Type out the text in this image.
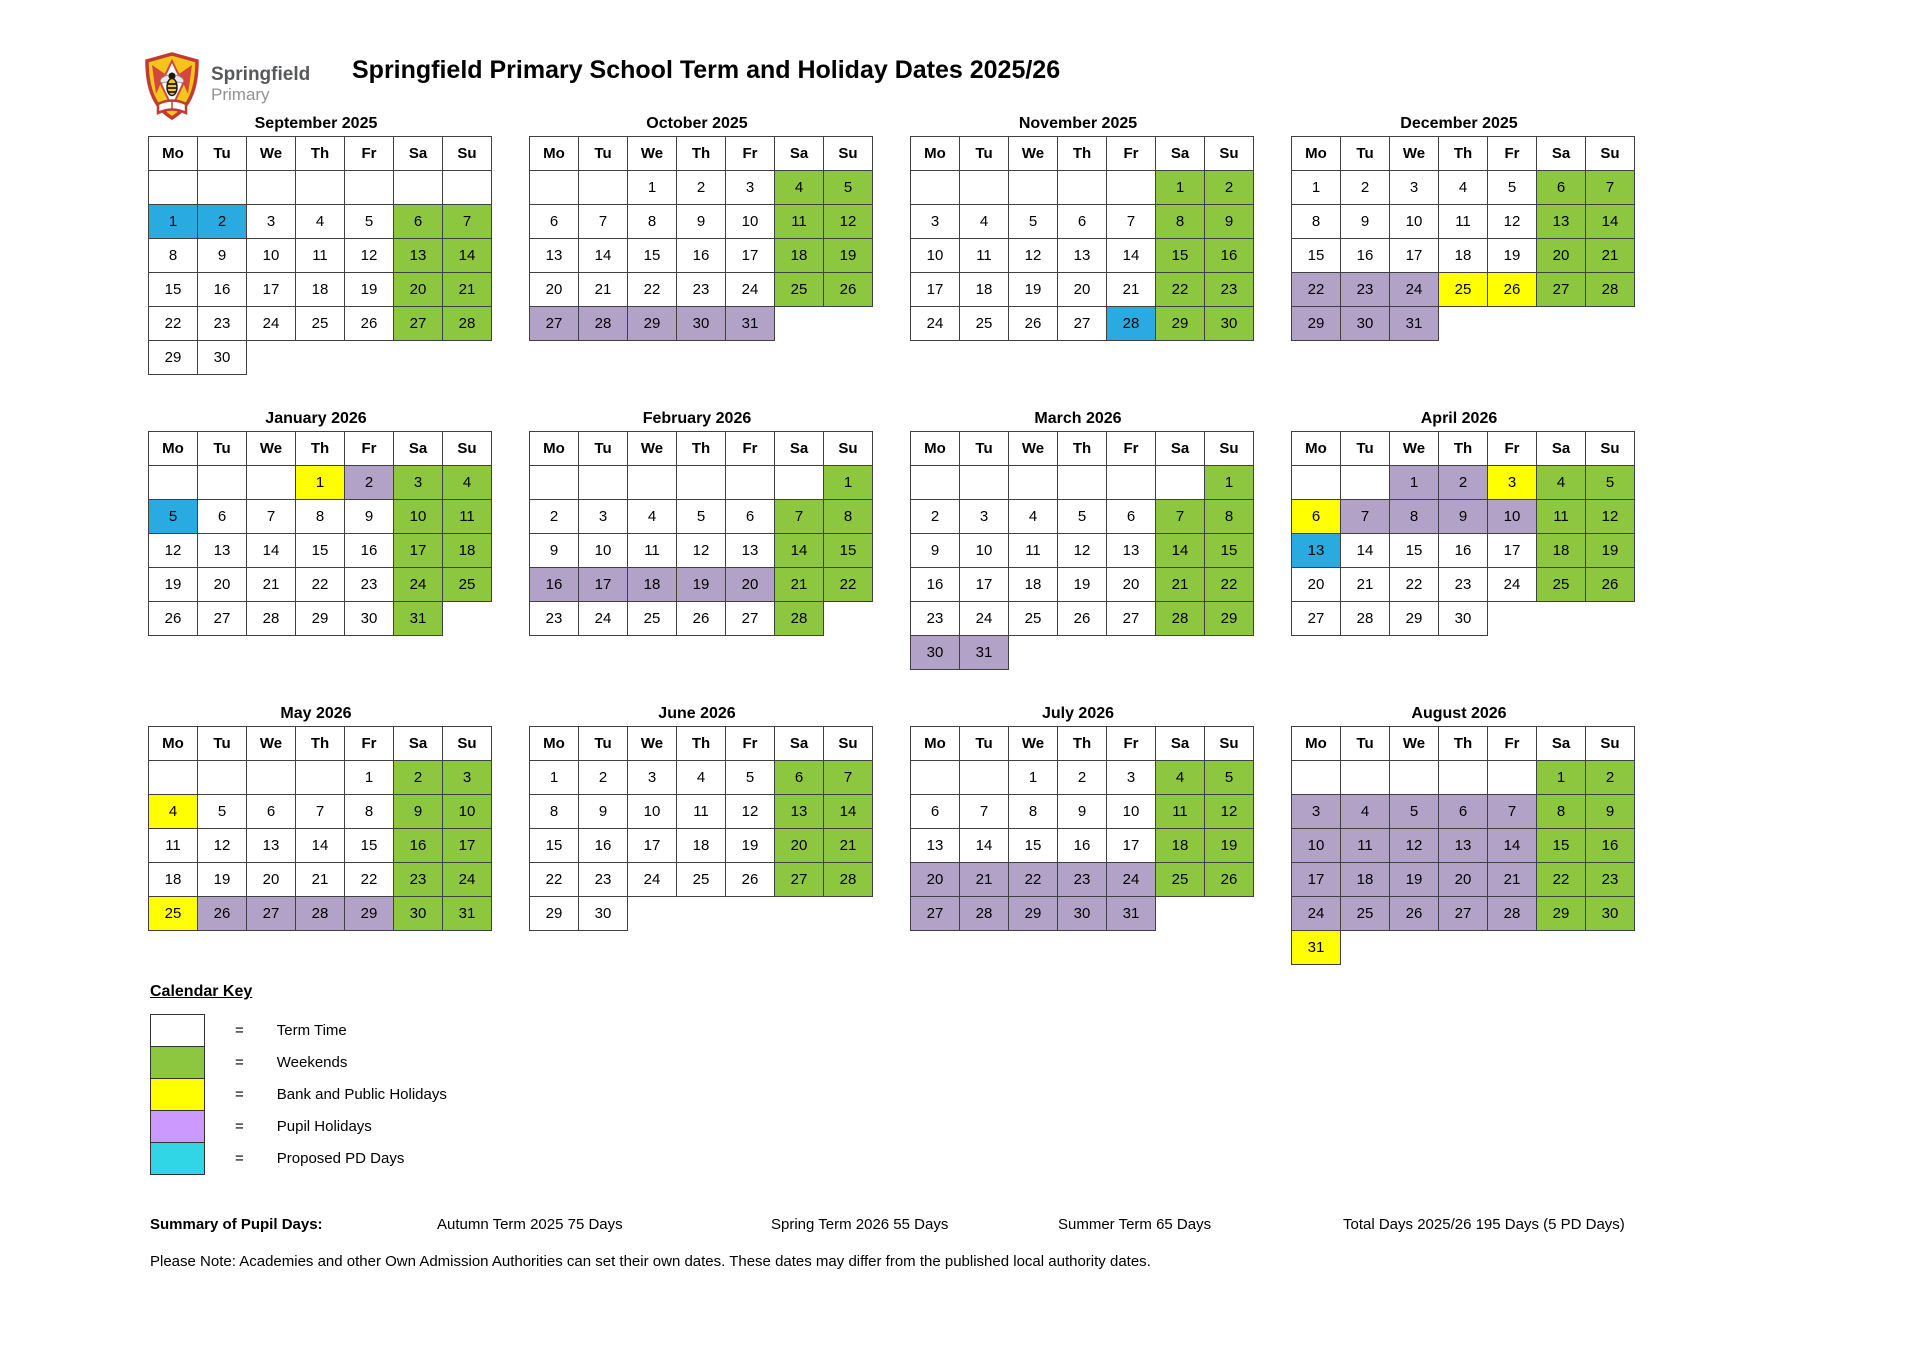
Springfield
Primary
Springfield Primary School Term and Holiday Dates 2025/26
September 2025
Mo	Tu	We	Th	Fr	Sa	Su

1	2	3	4	5	6	7
8	9	10	11	12	13	14
15	16	17	18	19	20	21
22	23	24	25	26	27	28
29	30					
October 2025
Mo	Tu	We	Th	Fr	Sa	Su
		1	2	3	4	5
6	7	8	9	10	11	12
13	14	15	16	17	18	19
20	21	22	23	24	25	26
27	28	29	30	31		
November 2025
Mo	Tu	We	Th	Fr	Sa	Su
					1	2
3	4	5	6	7	8	9
10	11	12	13	14	15	16
17	18	19	20	21	22	23
24	25	26	27	28	29	30
December 2025
Mo	Tu	We	Th	Fr	Sa	Su
1	2	3	4	5	6	7
8	9	10	11	12	13	14
15	16	17	18	19	20	21
22	23	24	25	26	27	28
29	30	31				
January 2026
Mo	Tu	We	Th	Fr	Sa	Su
			1	2	3	4
5	6	7	8	9	10	11
12	13	14	15	16	17	18
19	20	21	22	23	24	25
26	27	28	29	30	31	
February 2026
Mo	Tu	We	Th	Fr	Sa	Su
						1
2	3	4	5	6	7	8
9	10	11	12	13	14	15
16	17	18	19	20	21	22
23	24	25	26	27	28	
March 2026
Mo	Tu	We	Th	Fr	Sa	Su
						1
2	3	4	5	6	7	8
9	10	11	12	13	14	15
16	17	18	19	20	21	22
23	24	25	26	27	28	29
30	31					
April 2026
Mo	Tu	We	Th	Fr	Sa	Su
		1	2	3	4	5
6	7	8	9	10	11	12
13	14	15	16	17	18	19
20	21	22	23	24	25	26
27	28	29	30			
May 2026
Mo	Tu	We	Th	Fr	Sa	Su
				1	2	3
4	5	6	7	8	9	10
11	12	13	14	15	16	17
18	19	20	21	22	23	24
25	26	27	28	29	30	31
June 2026
Mo	Tu	We	Th	Fr	Sa	Su
1	2	3	4	5	6	7
8	9	10	11	12	13	14
15	16	17	18	19	20	21
22	23	24	25	26	27	28
29	30					
July 2026
Mo	Tu	We	Th	Fr	Sa	Su
		1	2	3	4	5
6	7	8	9	10	11	12
13	14	15	16	17	18	19
20	21	22	23	24	25	26
27	28	29	30	31		
August 2026
Mo	Tu	We	Th	Fr	Sa	Su
					1	2
3	4	5	6	7	8	9
10	11	12	13	14	15	16
17	18	19	20	21	22	23
24	25	26	27	28	29	30
31						
Calendar Key
= Term Time
= Weekends
= Bank and Public Holidays
= Pupil Holidays
= Proposed PD Days
Summary of Pupil Days:	Autumn Term 2025 75 Days	Spring Term 2026 55 Days	Summer Term 65 Days	Total Days 2025/26 195 Days (5 PD Days)
Please Note: Academies and other Own Admission Authorities can set their own dates. These dates may differ from the published local authority dates.
